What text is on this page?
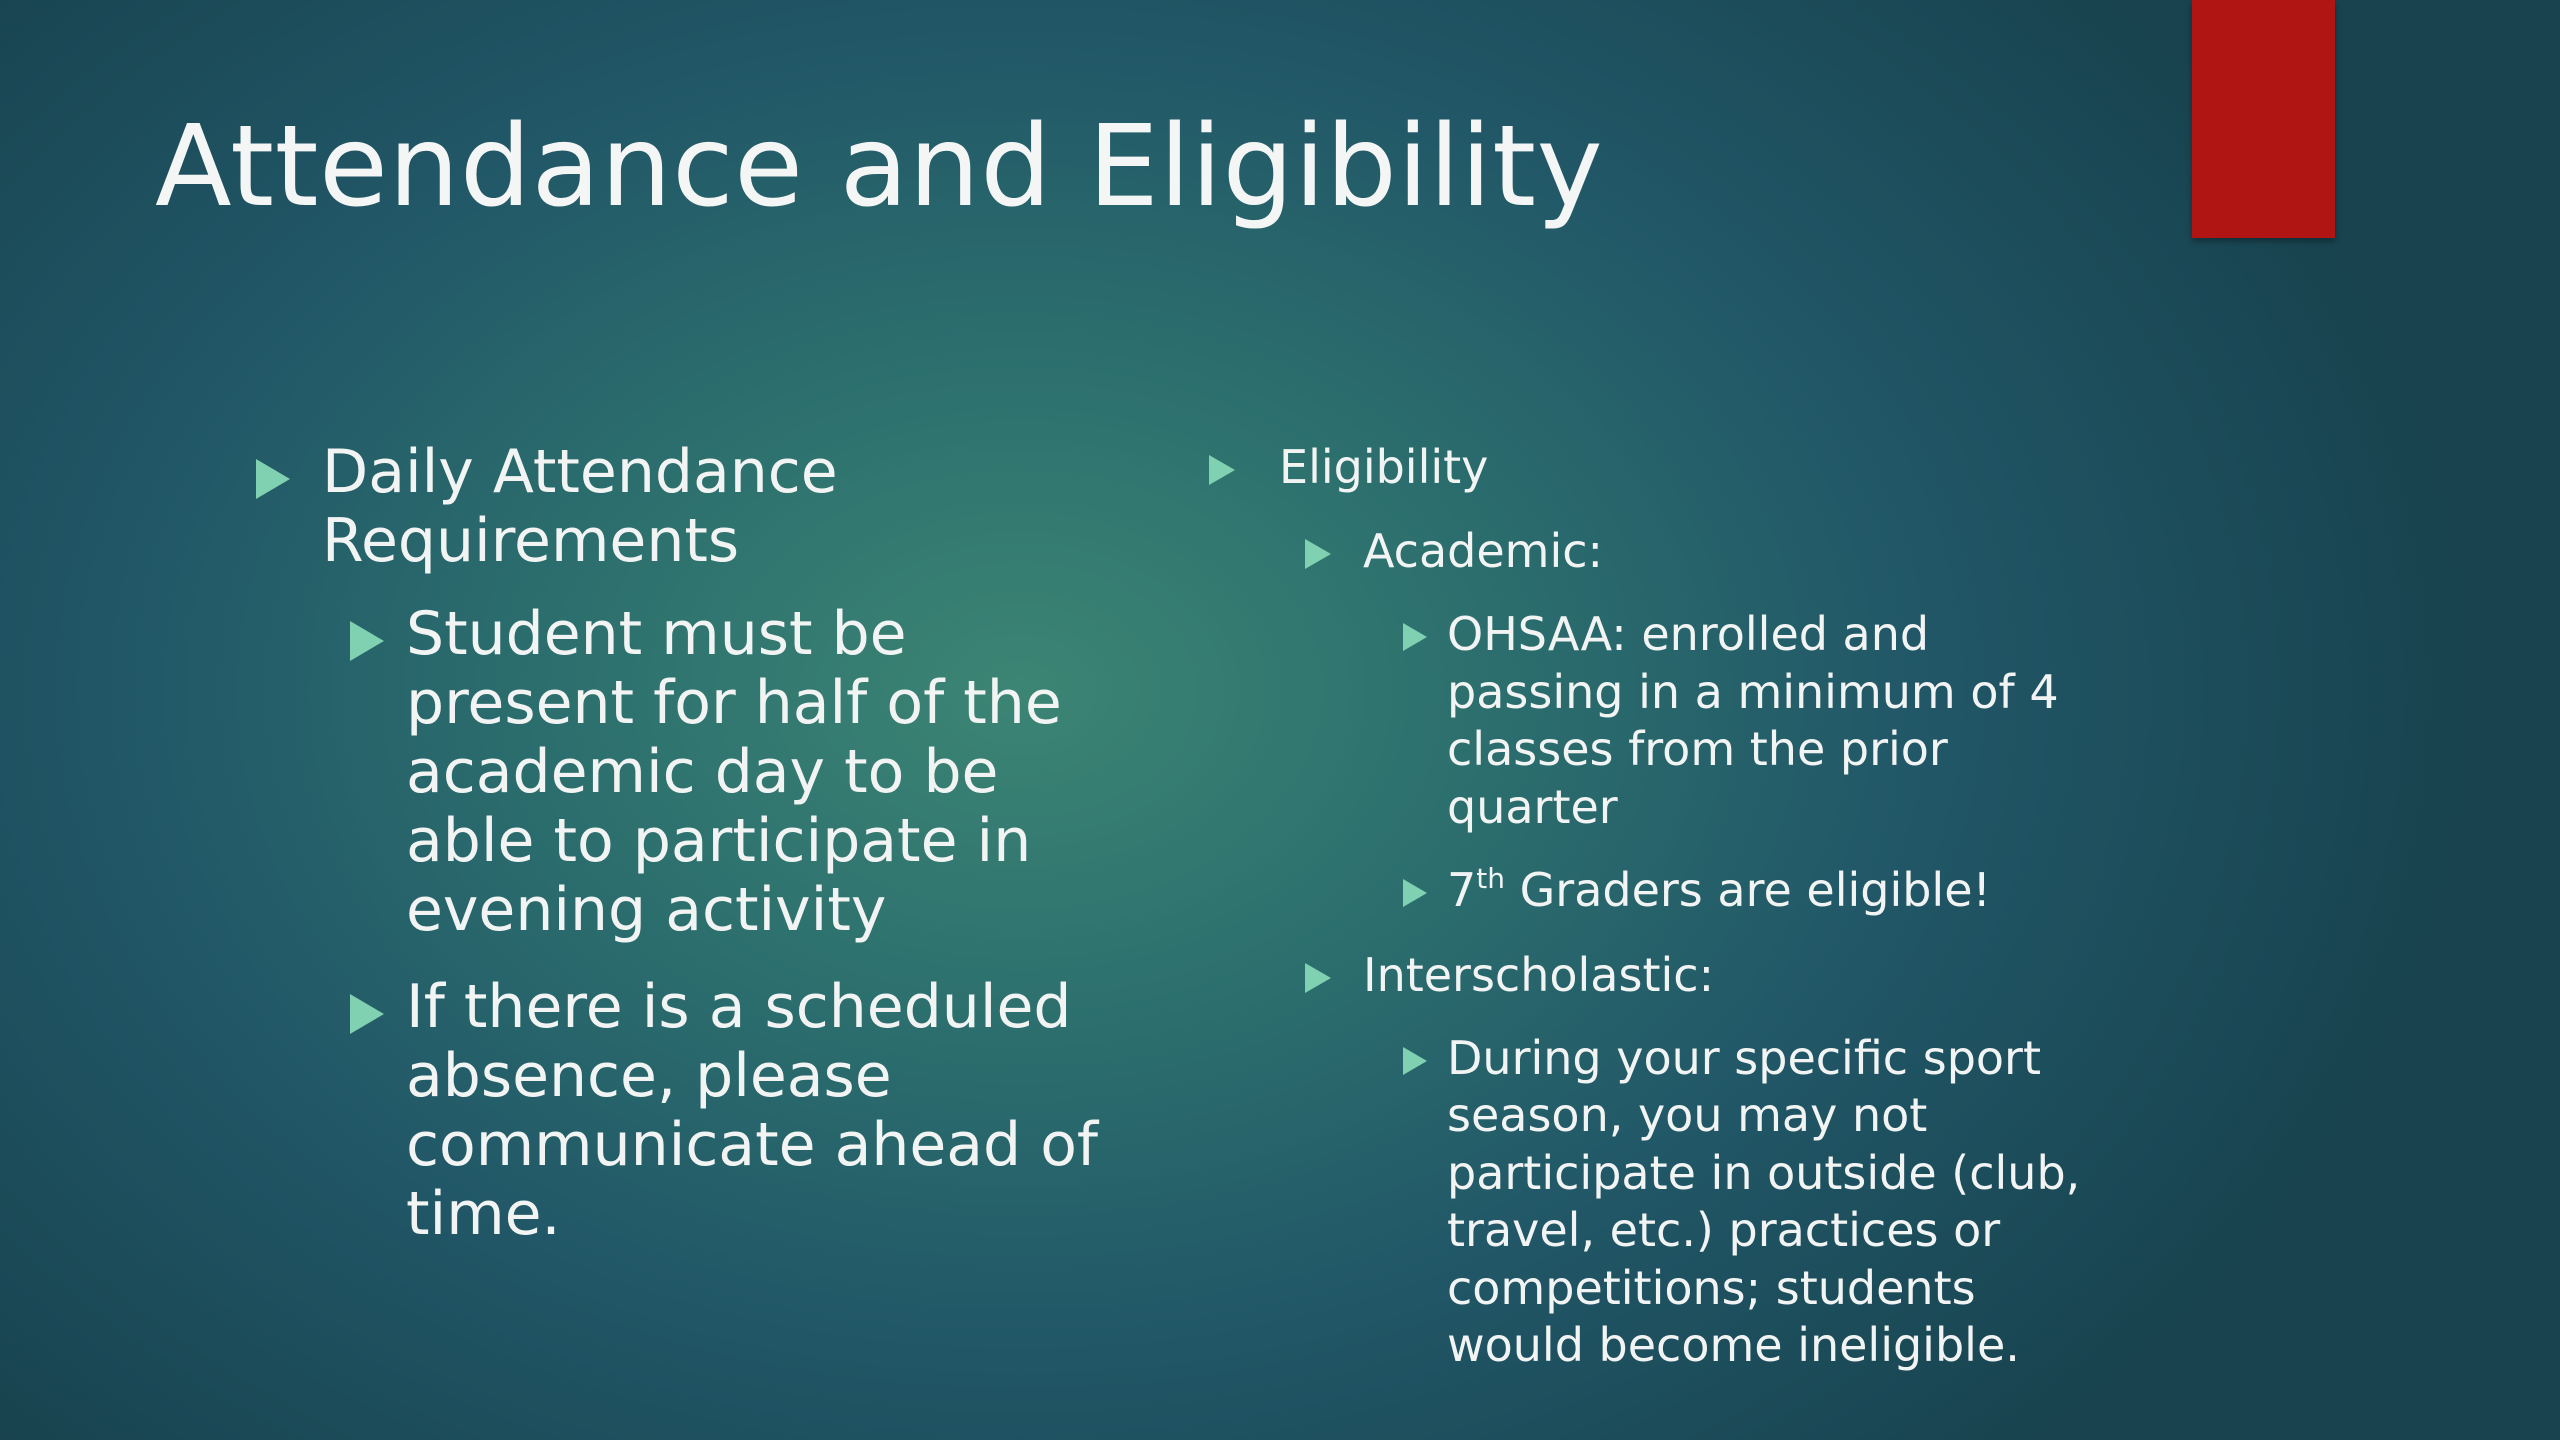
Attendance and Eligibility
Daily Attendance Requirements
Student must be present for half of the academic day to be able to participate in evening activity
If there is a scheduled absence, please communicate ahead of time.
Eligibility
Academic:
OHSAA: enrolled and passing in a minimum of 4 classes from the prior quarter
7th Graders are eligible!
Interscholastic:
During your specific sport season, you may not participate in outside (club, travel, etc.) practices or competitions; students would become ineligible.
